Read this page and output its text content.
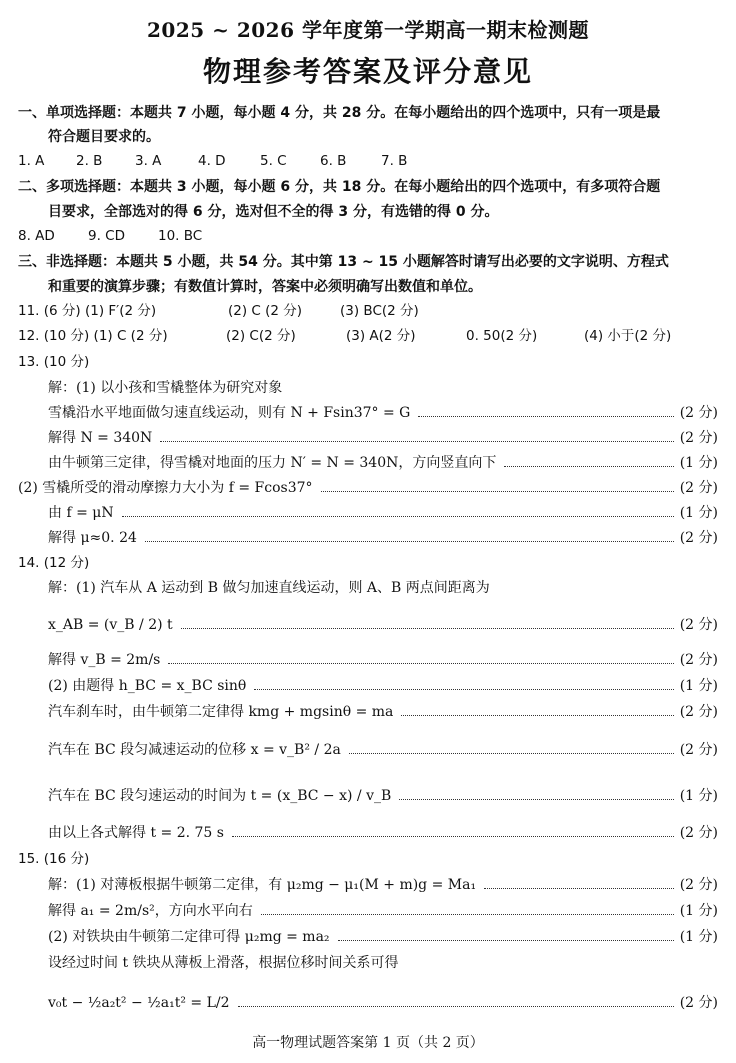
2025 ~ 2026 学年度第一学期高一期末检测题
物理参考答案及评分意见
一、单项选择题：本题共 7 小题，每小题 4 分，共 28 分。在每小题给出的四个选项中，只有一项是最
符合题目要求的。
1. A 2. B 3. A	4. D	5. C 6. B	7. B
二、多项选择题：本题共 3 小题，每小题 6 分，共 18 分。在每小题给出的四个选项中，有多项符合题
目要求，全部选对的得 6 分，选对但不全的得 3 分，有选错的得 0 分。
8. AD 9. CD 10. BC
三、非选择题：本题共 5 小题，共 54 分。其中第 13 ~ 15 小题解答时请写出必要的文字说明、方程式
和重要的演算步骤；有数值计算时，答案中必须明确写出数值和单位。
11. (6 分) (1) F′(2 分)	(2) C (2 分)	(3) BC(2 分)
12. (10 分) (1) C (2 分)	(2) C(2 分)	(3) A(2 分)	0. 50(2 分)	(4) 小于(2 分)
13. (10 分)
解：(1) 以小孩和雪橇整体为研究对象
雪橇沿水平地面做匀速直线运动，则有 N + Fsin37° = G	(2 分)
解得 N = 340N	(2 分)
由牛顿第三定律，得雪橇对地面的压力 N′ = N = 340N，方向竖直向下	(1 分)
(2) 雪橇所受的滑动摩擦力大小为 f = Fcos37°	(2 分)
由 f = μN	(1 分)
解得 μ≈0. 24	(2 分)
14. (12 分)
解：(1) 汽车从 A 运动到 B 做匀加速直线运动，则 A、B 两点间距离为
x_AB = (v_B / 2) t	(2 分)
解得 v_B = 2m/s	(2 分)
(2) 由题得 h_BC = x_BC sinθ	(1 分)
汽车刹车时，由牛顿第二定律得 kmg + mgsinθ = ma	(2 分)
汽车在 BC 段匀减速运动的位移 x = v_B² / 2a	(2 分)
汽车在 BC 段匀速运动的时间为 t = (x_BC − x) / v_B	(1 分)
由以上各式解得 t = 2. 75 s	(2 分)
15. (16 分)
解：(1) 对薄板根据牛顿第二定律，有 μ₂mg − μ₁(M + m)g = Ma₁	(2 分)
解得 a₁ = 2m/s²，方向水平向右	(1 分)
(2) 对铁块由牛顿第二定律可得 μ₂mg = ma₂	(1 分)
设经过时间 t 铁块从薄板上滑落，根据位移时间关系可得
v₀t − ½a₂t² − ½a₁t² = L/2	(2 分)
高一物理试题答案第 1 页（共 2 页）
